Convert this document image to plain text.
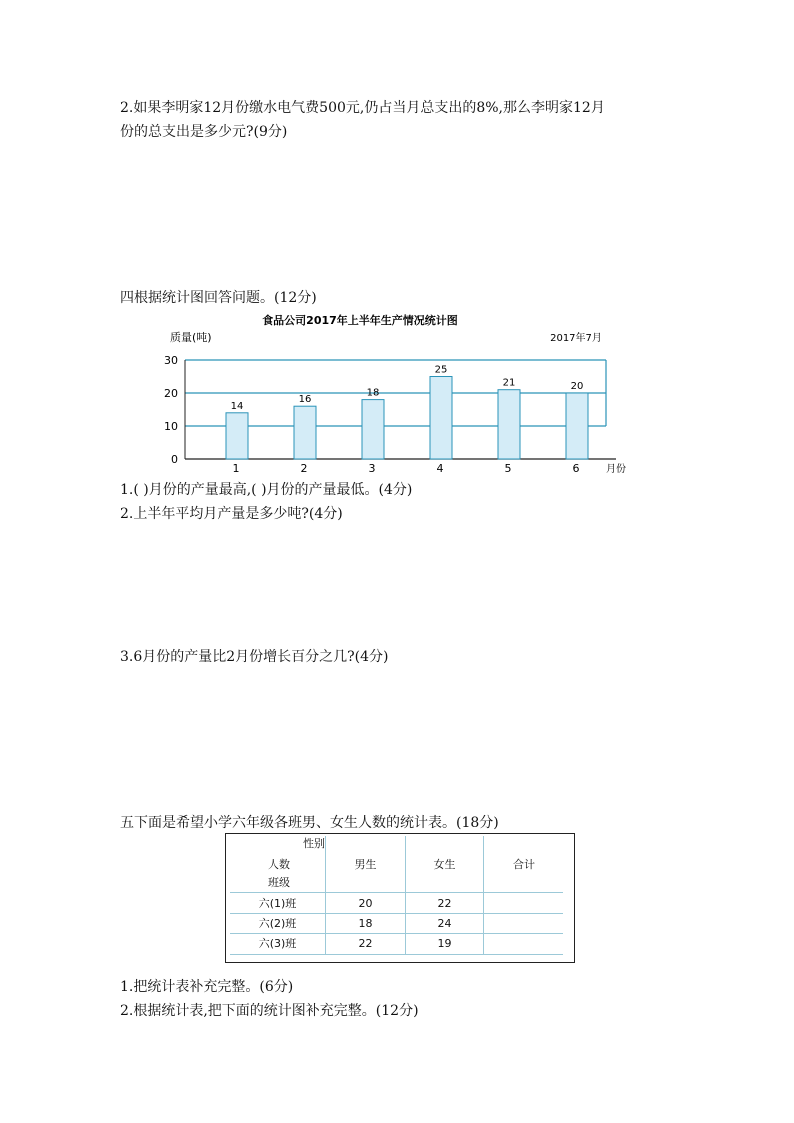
2.如果李明家12月份缴水电气费500元,仍占当月总支出的8%,那么李明家12月
份的总支出是多少元?(9分)
四根据统计图回答问题。(12分)
食品公司2017年上半年生产情况统计图
2017年7月
质量(吨)
月份
0
10
20
30
14
1
16
2
18
3
25
4
21
5
20
6
1.( )月份的产量最高,( )月份的产量最低。(4分)
2.上半年平均月产量是多少吨?(4分)
3.6月份的产量比2月份增长百分之几?(4分)
五下面是希望小学六年级各班男、女生人数的统计表。(18分)
性别
人数
班级
男生	女生	合计
六(1)班	20	22
六(2)班	18	24
六(3)班	22	19
1.把统计表补充完整。(6分)
2.根据统计表,把下面的统计图补充完整。(12分)
